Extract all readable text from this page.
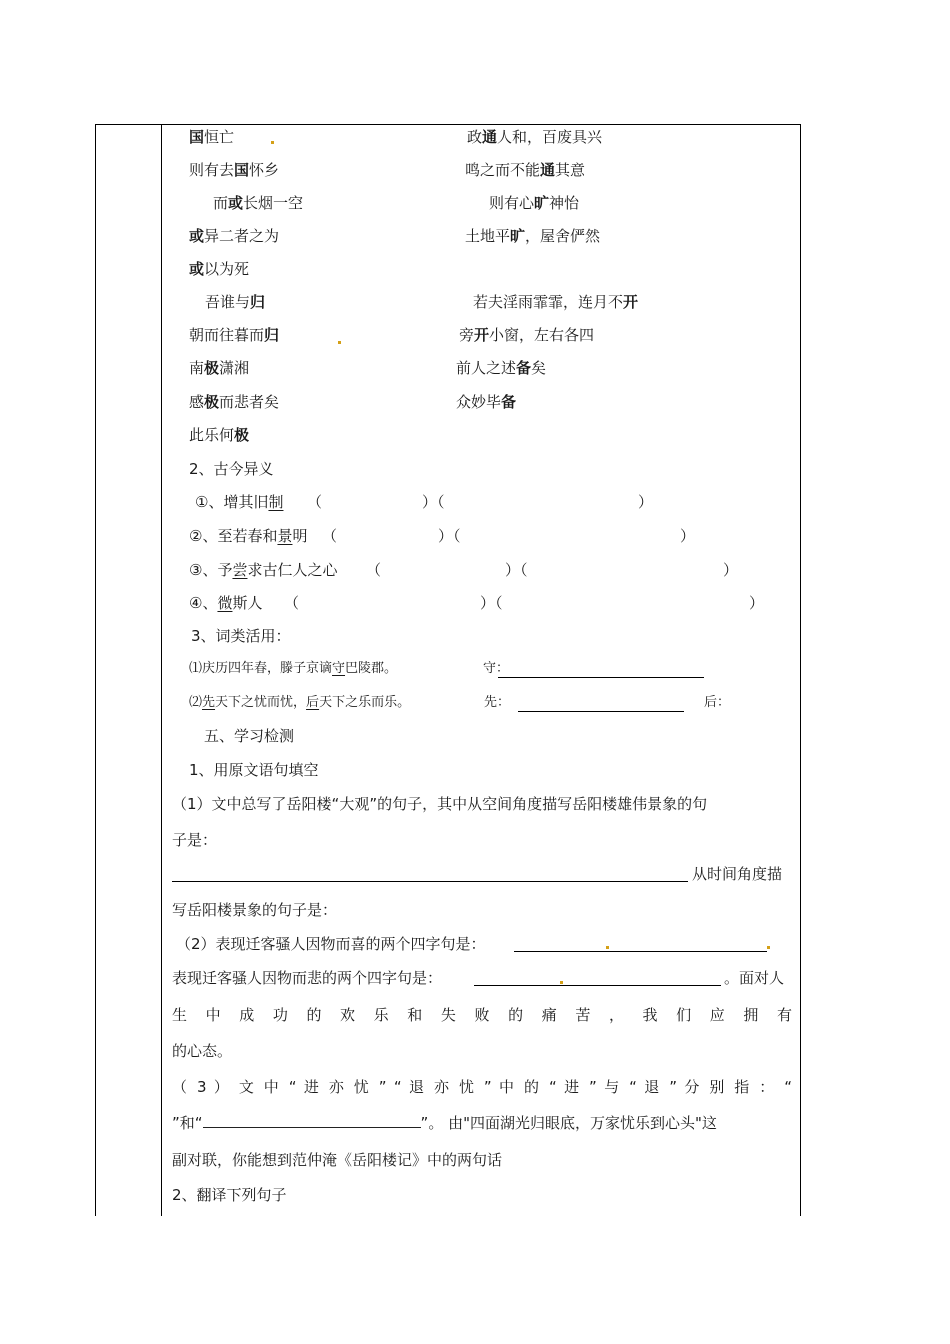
国恒亡	政通人和，百废具兴
则有去国怀乡	鸣之而不能通其意
而或长烟一空	则有心旷神怡
或异二者之为	土地平旷，屋舍俨然
或以为死
吾谁与归	若夫淫雨霏霏，连月不开
朝而往暮而归	旁开小窗，左右各四
南极潇湘	前人之述备矣
感极而悲者矣	众妙毕备
此乐何极
2、古今异义
①、增其旧制 （	）（	）
②、至若春和景明 （	）（	）
③、予尝求古仁人之心 （	）（	）
④、微斯人 （	）（	）
3、词类活用：
⑴庆历四年春，滕子京谪守巴陵郡。	守：
⑵先天下之忧而忧，后天下之乐而乐。	先：	后：
五、学习检测
1、用原文语句填空
（1）文中总写了岳阳楼“大观”的句子，其中从空间角度描写岳阳楼雄伟景象的句
子是：
从时间角度描
写岳阳楼景象的句子是：
（2）表现迁客骚人因物而喜的两个四字句是：
表现迁客骚人因物而悲的两个四字句是：	。面对人
生 中 成 功 的 欢 乐 和 失 败 的 痛 苦 ， 我 们 应 拥 有
的心态。
（ 3 ） 文 中 “ 进 亦 忧 ” “ 退 亦 忧 ” 中 的 “ 进 ” 与 “ 退 ” 分 别 指 ： “
”和“	”。 由"四面湖光归眼底，万家忧乐到心头"这
副对联，你能想到范仲淹《岳阳楼记》中的两句话
2、翻译下列句子
